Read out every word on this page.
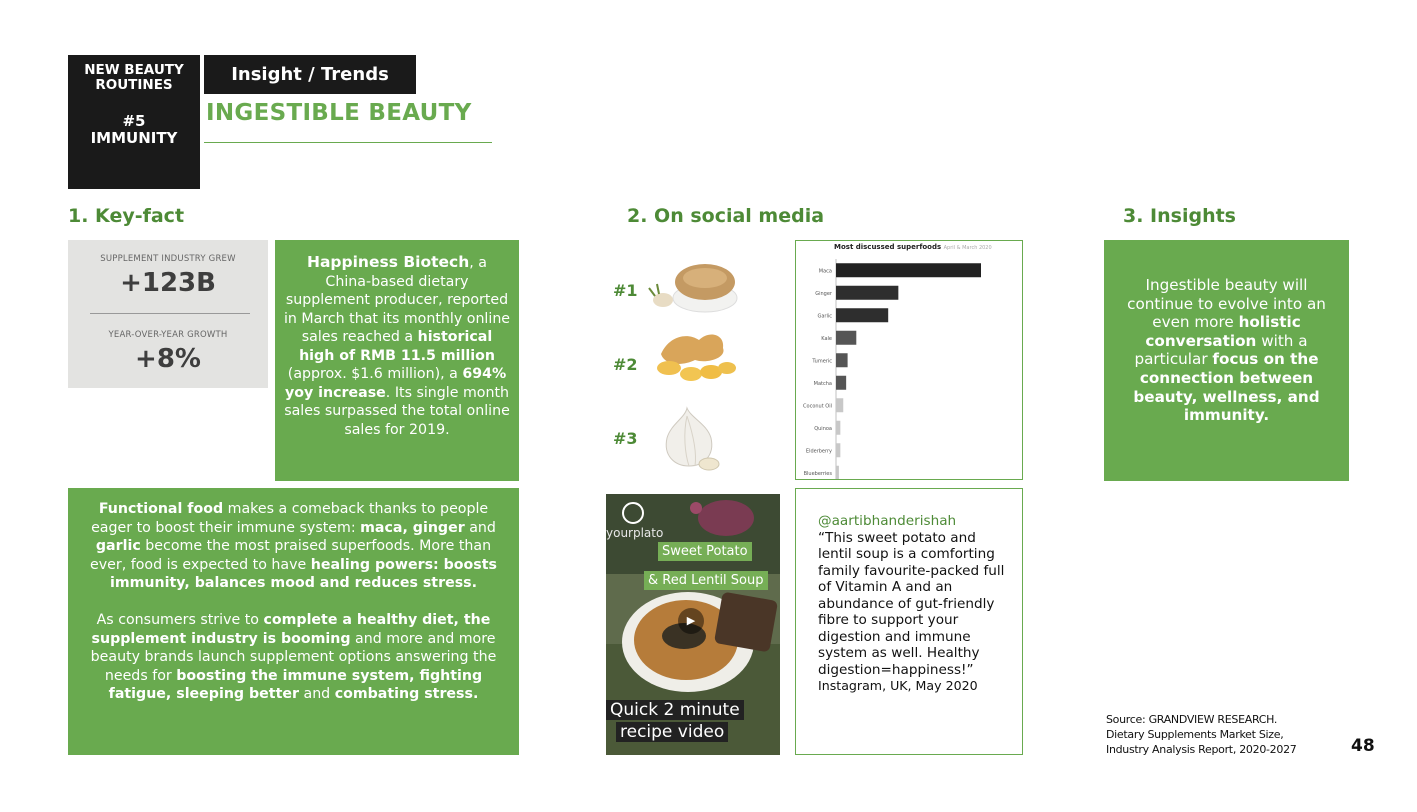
NEW BEAUTY ROUTINES
#5 IMMUNITY
Insight / Trends
INGESTIBLE BEAUTY
1. Key-fact	2. On social media	3. Insights
SUPPLEMENT INDUSTRY GREW
+123B
YEAR-OVER-YEAR GROWTH
+8%
Happiness Biotech, a China-based dietary supplement producer, reported in March that its monthly online sales reached a historical high of RMB 11.5 million (approx. $1.6 million), a 694% yoy increase. Its single month sales surpassed the total online sales for 2019.

Functional food makes a comeback thanks to people eager to boost their immune system: maca, ginger and garlic become the most praised superfoods. More than ever, food is expected to have healing powers: boosts immunity, balances mood and reduces stress.

As consumers strive to complete a healthy diet, the supplement industry is booming and more and more beauty brands launch supplement options answering the needs for boosting the immune system, fighting fatigue, sleeping better and combating stress.

#1
#2
#3
Most discussed superfoods April & March 2020
Maca
Ginger
Garlic
Kale
Tumeric
Matcha
Coconut Oil
Quinoa
Elderberry
Blueberries
yourplato
Sweet Potato
& Red Lentil Soup
▶
Quick 2 minute
recipe video
@aartibhanderishah
“This sweet potato and lentil soup is a comforting family favourite-packed full of Vitamin A and an abundance of gut-friendly fibre to support your digestion and immune system as well. Healthy digestion=happiness!”
Instagram, UK, May 2020
Ingestible beauty will continue to evolve into an even more holistic conversation with a particular focus on the connection between beauty, wellness, and immunity.
Source: GRANDVIEW RESEARCH.
Dietary Supplements Market Size,
Industry Analysis Report, 2020-2027	48
